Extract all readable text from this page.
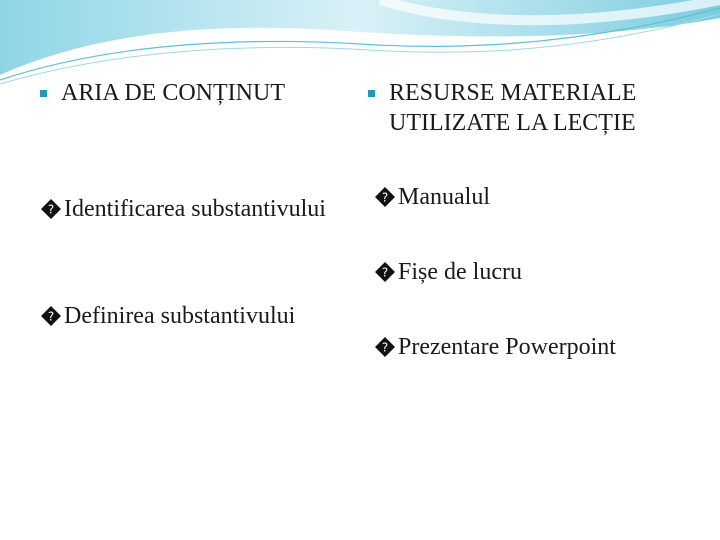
ARIA DE CONȚINUT
? Identificarea substantivului
? Definirea substantivului
RESURSE MATERIALE UTILIZATE LA LECȚIE
? Manualul
? Fișe de lucru
? Prezentare Powerpoint
